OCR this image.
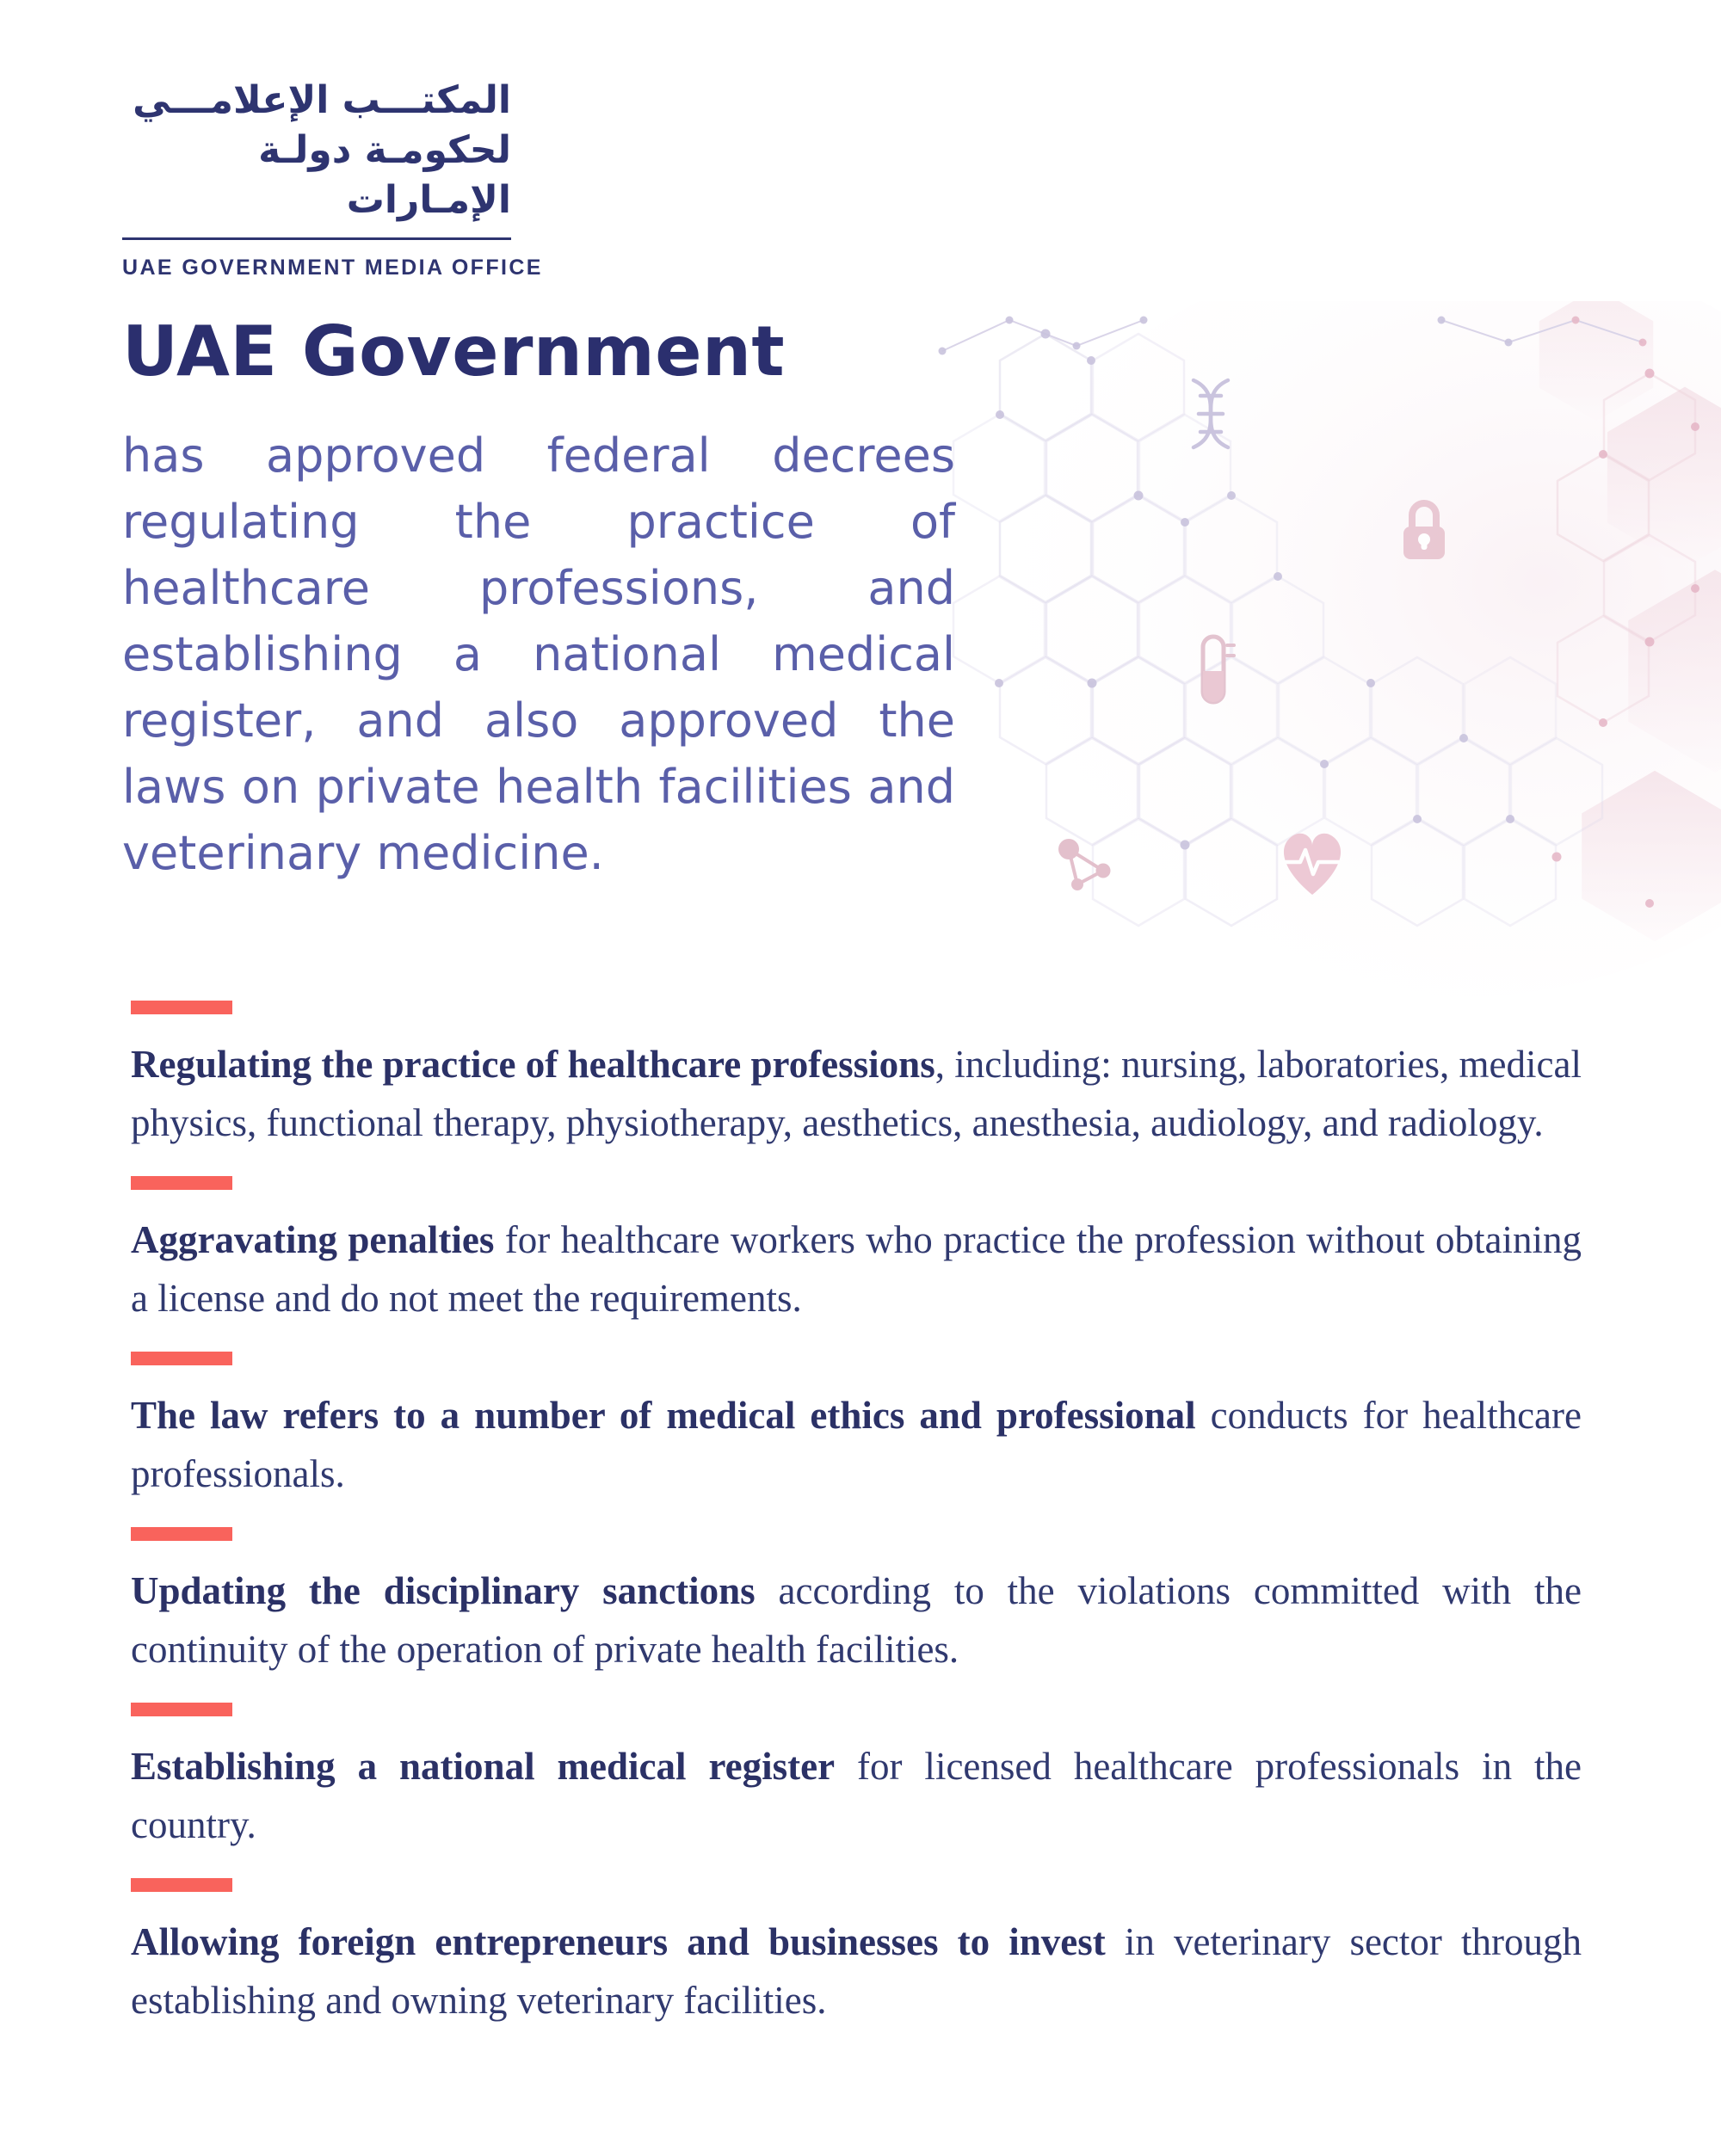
المكتـــب الإعلامـــي
لحكومـة دولـة الإمـارات
UAE GOVERNMENT MEDIA OFFICE
UAE Government

has approved federal decrees regulating the practice of healthcare professions, and establishing a national medical register, and also approved the laws on private health facilities and veterinary medicine.

Regulating the practice of healthcare professions, including: nursing, laboratories, medical physics, functional therapy, physiotherapy, aesthetics, anesthesia, audiology, and radiology.

Aggravating penalties for healthcare workers who practice the profession without obtaining a license and do not meet the requirements.

The law refers to a number of medical ethics and professional conducts for healthcare professionals.

Updating the disciplinary sanctions according to the violations committed with the continuity of the operation of private health facilities.

Establishing a national medical register for licensed healthcare professionals in the country.

Allowing foreign entrepreneurs and businesses to invest in veterinary sector through establishing and owning veterinary facilities.
